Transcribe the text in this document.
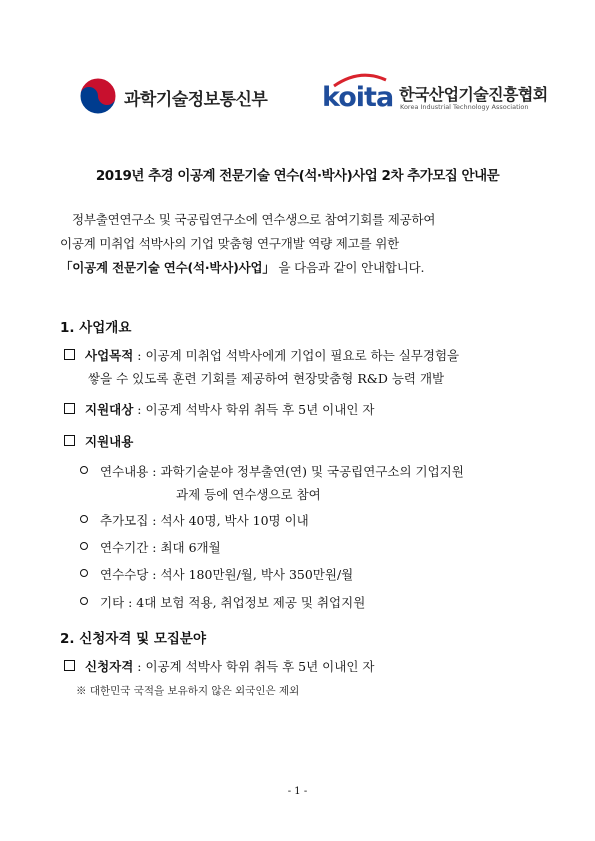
과학기술정보통신부 koita 한국산업기술진흥협회
Korea Industrial Technology Association
2019년 추경 이공계 전문기술 연수(석·박사)사업 2차 추가모집 안내문
정부출연연구소 및 국공립연구소에 연수생으로 참여기회를 제공하여
이공계 미취업 석박사의 기업 맞춤형 연구개발 역량 제고를 위한
「이공계 전문기술 연수(석·박사)사업」 을 다음과 같이 안내합니다.
1. 사업개요
사업목적 : 이공계 미취업 석박사에게 기업이 필요로 하는 실무경험을
쌓을 수 있도록 훈련 기회를 제공하여 현장맞춤형 R&D 능력 개발
지원대상 : 이공계 석박사 학위 취득 후 5년 이내인 자
지원내용
연수내용 : 과학기술분야 정부출연(연) 및 국공립연구소의 기업지원
과제 등에 연수생으로 참여
추가모집 : 석사 40명, 박사 10명 이내
연수기간 : 최대 6개월
연수수당 : 석사 180만원/월, 박사 350만원/월
기타 : 4대 보험 적용, 취업정보 제공 및 취업지원
2. 신청자격 및 모집분야
신청자격 : 이공계 석박사 학위 취득 후 5년 이내인 자
※ 대한민국 국적을 보유하지 않은 외국인은 제외
- 1 -
